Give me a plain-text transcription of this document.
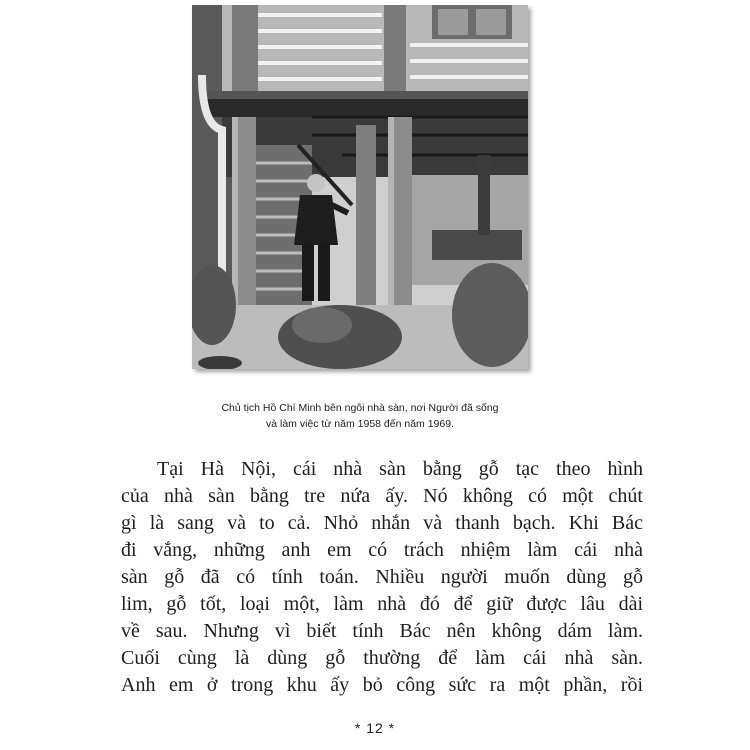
Chủ tịch Hồ Chí Minh bên ngôi nhà sàn, nơi Người đã sống
và làm việc từ năm 1958 đến năm 1969.
Tại Hà Nội, cái nhà sàn bằng gỗ tạc theo hình
của nhà sàn bằng tre nứa ấy. Nó không có một chút
gì là sang và to cả. Nhỏ nhắn và thanh bạch. Khi Bác
đi vắng, những anh em có trách nhiệm làm cái nhà
sàn gỗ đã có tính toán. Nhiều người muốn dùng gỗ
lim, gỗ tốt, loại một, làm nhà đó để giữ được lâu dài
về sau. Nhưng vì biết tính Bác nên không dám làm.
Cuối cùng là dùng gỗ thường để làm cái nhà sàn.
Anh em ở trong khu ấy bỏ công sức ra một phần, rồi
* 12 *
